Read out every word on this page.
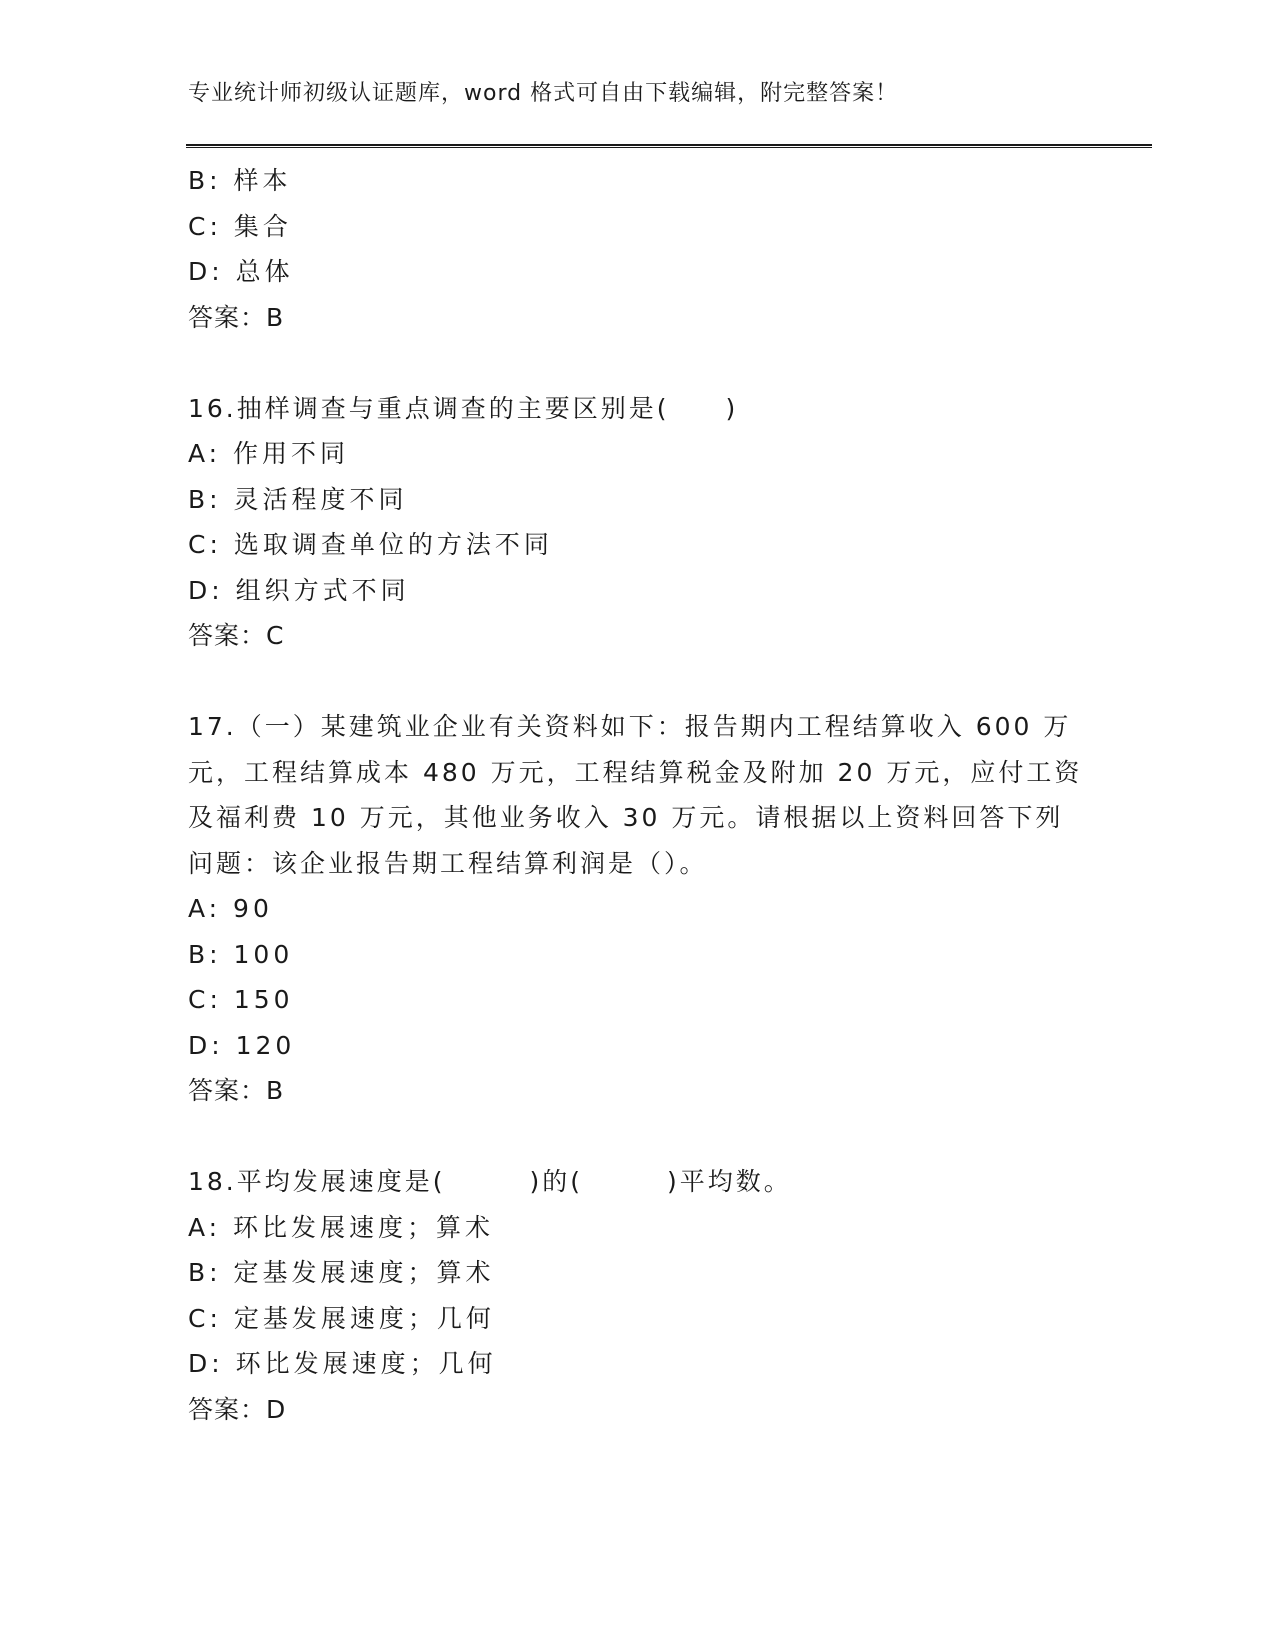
专业统计师初级认证题库，word 格式可自由下载编辑，附完整答案！
B: 样本
C: 集合
D: 总体
答案：B
16.抽样调查与重点调查的主要区别是(　　)
A: 作用不同
B: 灵活程度不同
C: 选取调查单位的方法不同
D: 组织方式不同
答案：C
17.（一）某建筑业企业有关资料如下：报告期内工程结算收入 600 万
元，工程结算成本 480 万元，工程结算税金及附加 20 万元，应付工资
及福利费 10 万元，其他业务收入 30 万元。请根据以上资料回答下列
问题：该企业报告期工程结算利润是（）。
A: 90
B: 100
C: 150
D: 120
答案：B
18.平均发展速度是(　　　)的(　　　)平均数。
A: 环比发展速度；算术
B: 定基发展速度；算术
C: 定基发展速度；几何
D: 环比发展速度；几何
答案：D
